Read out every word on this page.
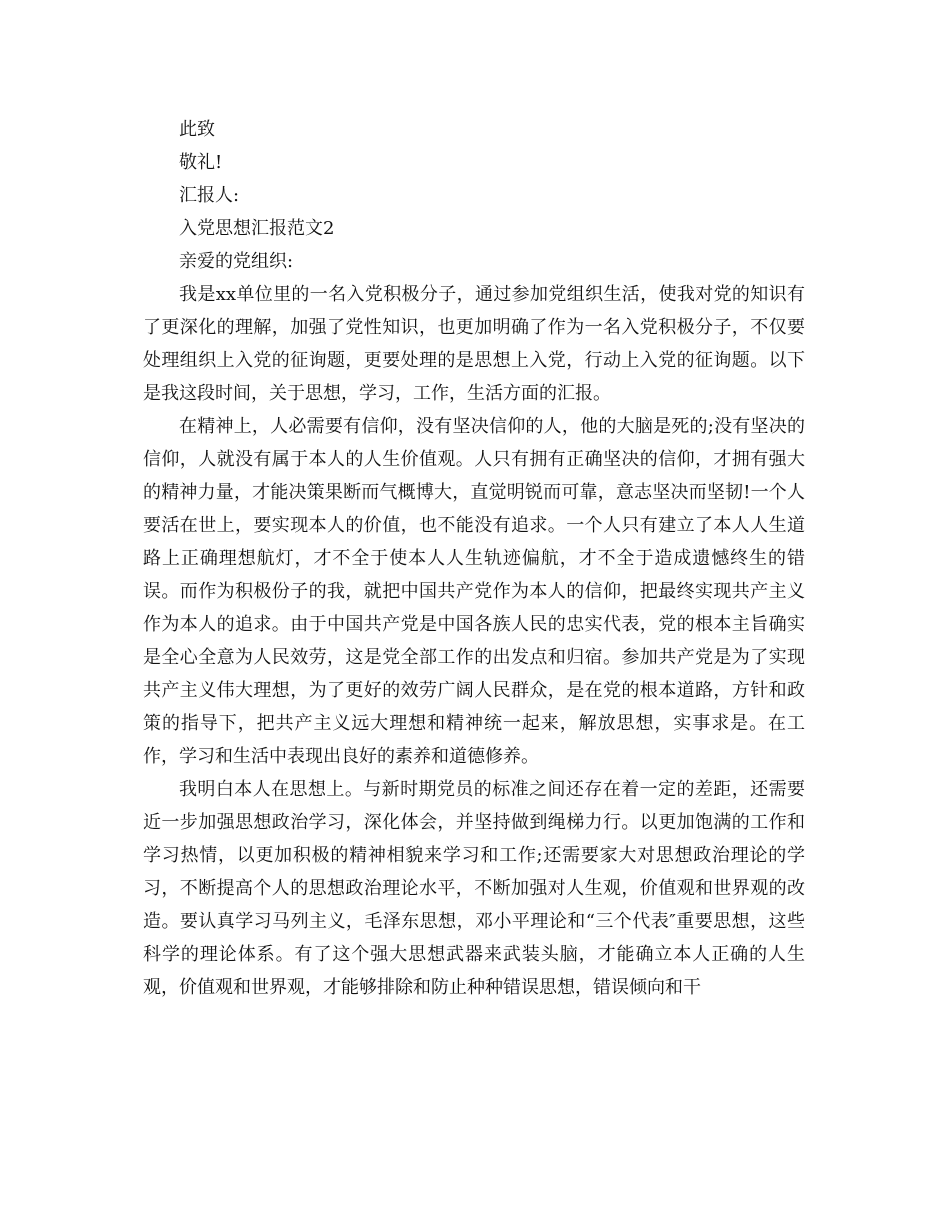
此致

敬礼!

汇报人:

入党思想汇报范文2

亲爱的党组织:

我是xx单位里的一名入党积极分子，通过参加党组织生活，使我对党的知识有了更深化的理解，加强了党性知识，也更加明确了作为一名入党积极分子，不仅要处理组织上入党的征询题，更要处理的是思想上入党，行动上入党的征询题。以下是我这段时间，关于思想，学习，工作，生活方面的汇报。

在精神上，人必需要有信仰，没有坚决信仰的人，他的大脑是死的;没有坚决的信仰，人就没有属于本人的人生价值观。人只有拥有正确坚决的信仰，才拥有强大的精神力量，才能决策果断而气概博大，直觉明锐而可靠，意志坚决而坚韧!一个人要活在世上，要实现本人的价值，也不能没有追求。一个人只有建立了本人人生道路上正确理想航灯，才不全于使本人人生轨迹偏航，才不全于造成遗憾终生的错误。而作为积极份子的我，就把中国共产党作为本人的信仰，把最终实现共产主义作为本人的追求。由于中国共产党是中国各族人民的忠实代表，党的根本主旨确实是全心全意为人民效劳，这是党全部工作的出发点和归宿。参加共产党是为了实现共产主义伟大理想，为了更好的效劳广阔人民群众，是在党的根本道路，方针和政策的指导下，把共产主义远大理想和精神统一起来，解放思想，实事求是。在工作，学习和生活中表现出良好的素养和道德修养。

我明白本人在思想上。与新时期党员的标准之间还存在着一定的差距，还需要近一步加强思想政治学习，深化体会，并坚持做到绳梯力行。以更加饱满的工作和学习热情，以更加积极的精神相貌来学习和工作;还需要家大对思想政治理论的学习，不断提高个人的思想政治理论水平，不断加强对人生观，价值观和世界观的改造。要认真学习马列主义，毛泽东思想，邓小平理论和“三个代表″重要思想，这些科学的理论体系。有了这个强大思想武器来武装头脑，才能确立本人正确的人生观，价值观和世界观，才能够排除和防止种种错误思想，错误倾向和干
